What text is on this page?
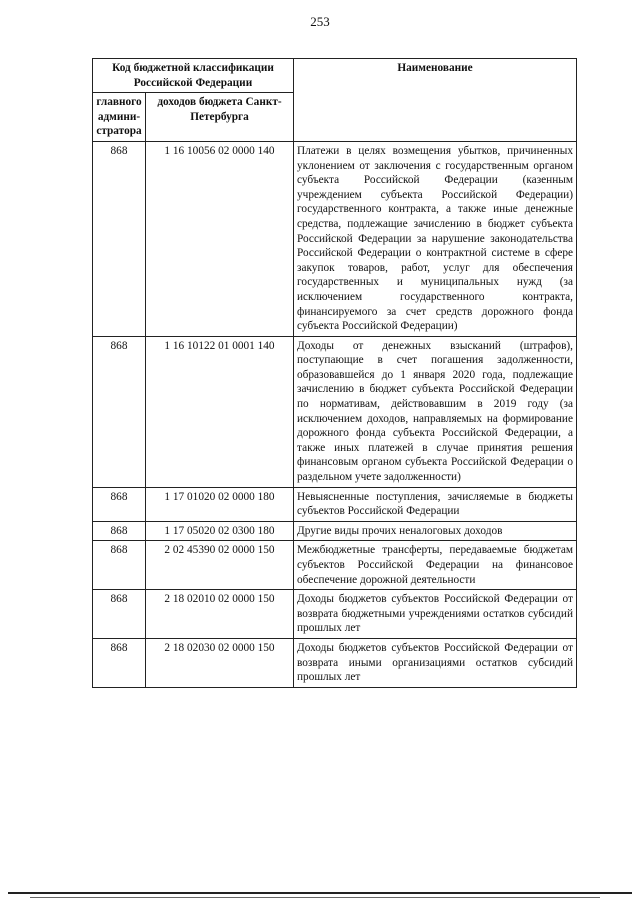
253
Код бюджетной классификации Российской Федерации		Наименование
главного админи-стратора	доходов бюджета Санкт-Петербурга	
868	1 16 10056 02 0000 140	Платежи в целях возмещения убытков, причиненных уклонением от заключения с государственным органом субъекта Российской Федерации (казенным учреждением субъекта Российской Федерации) государственного контракта, а также иные денежные средства, подлежащие зачислению в бюджет субъекта Российской Федерации за нарушение законодательства Российской Федерации о контрактной системе в сфере закупок товаров, работ, услуг для обеспечения государственных и муниципальных нужд (за исключением государственного контракта, финансируемого за счет средств дорожного фонда субъекта Российской Федерации)
868	1 16 10122 01 0001 140	Доходы от денежных взысканий (штрафов), поступающие в счет погашения задолженности, образовавшейся до 1 января 2020 года, подлежащие зачислению в бюджет субъекта Российской Федерации по нормативам, действовавшим в 2019 году (за исключением доходов, направляемых на формирование дорожного фонда субъекта Российской Федерации, а также иных платежей в случае принятия решения финансовым органом субъекта Российской Федерации о раздельном учете задолженности)
868	1 17 01020 02 0000 180	Невыясненные поступления, зачисляемые в бюджеты субъектов Российской Федерации
868	1 17 05020 02 0300 180	Другие виды прочих неналоговых доходов
868	2 02 45390 02 0000 150	Межбюджетные трансферты, передаваемые бюджетам субъектов Российской Федерации на финансовое обеспечение дорожной деятельности
868	2 18 02010 02 0000 150	Доходы бюджетов субъектов Российской Федерации от возврата бюджетными учреждениями остатков субсидий прошлых лет
868	2 18 02030 02 0000 150	Доходы бюджетов субъектов Российской Федерации от возврата иными организациями остатков субсидий прошлых лет
